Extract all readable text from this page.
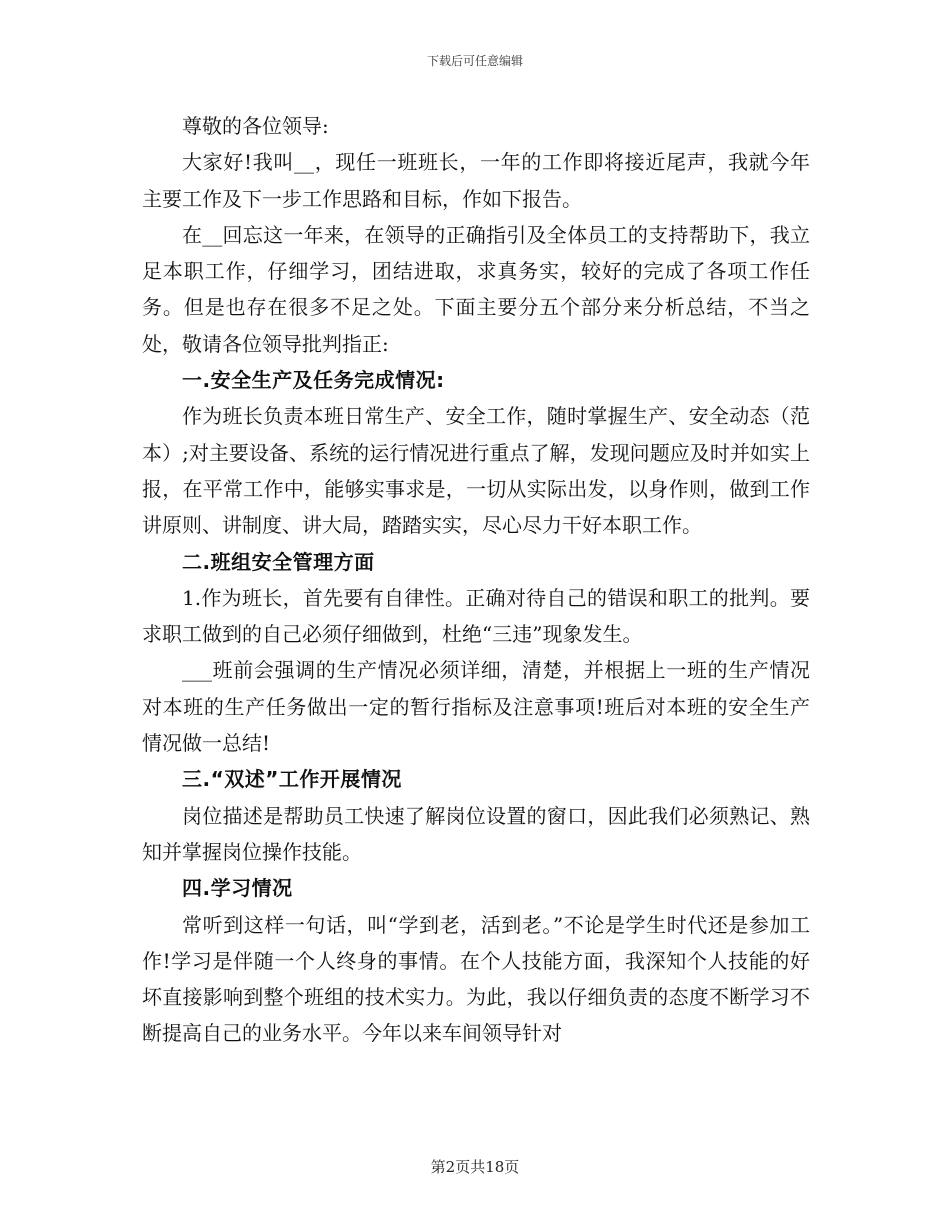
下载后可任意编辑

尊敬的各位领导:

大家好!我叫__，现任一班班长，一年的工作即将接近尾声，我就今年主要工作及下一步工作思路和目标，作如下报告。

在__回忘这一年来，在领导的正确指引及全体员工的支持帮助下，我立足本职工作，仔细学习，团结进取，求真务实，较好的完成了各项工作任务。但是也存在很多不足之处。下面主要分五个部分来分析总结，不当之处，敬请各位领导批判指正:

一.安全生产及任务完成情况:

作为班长负责本班日常生产、安全工作，随时掌握生产、安全动态（范本）;对主要设备、系统的运行情况进行重点了解，发现问题应及时并如实上报，在平常工作中，能够实事求是，一切从实际出发，以身作则，做到工作讲原则、讲制度、讲大局，踏踏实实，尽心尽力干好本职工作。

二.班组安全管理方面

1.作为班长，首先要有自律性。正确对待自己的错误和职工的批判。要求职工做到的自己必须仔细做到，杜绝“三违”现象发生。

___班前会强调的生产情况必须详细，清楚，并根据上一班的生产情况对本班的生产任务做出一定的暂行指标及注意事项!班后对本班的安全生产情况做一总结!

三.“双述”工作开展情况

岗位描述是帮助员工快速了解岗位设置的窗口，因此我们必须熟记、熟知并掌握岗位操作技能。

四.学习情况

常听到这样一句话，叫“学到老，活到老。”不论是学生时代还是参加工作!学习是伴随一个人终身的事情。在个人技能方面，我深知个人技能的好坏直接影响到整个班组的技术实力。为此，我以仔细负责的态度不断学习不断提高自己的业务水平。今年以来车间领导针对

第2页共18页
